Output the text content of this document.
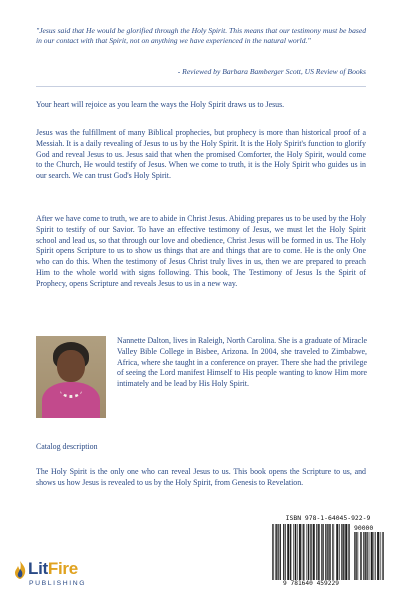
"Jesus said that He would be glorified through the Holy Spirit. This means that our testimony must be based in our contact with that Spirit, not on anything we have experienced in the natural world."

- Reviewed by Barbara Bamberger Scott, US Review of Books

Your heart will rejoice as you learn the ways the Holy Spirit draws us to Jesus.

Jesus was the fulfillment of many Biblical prophecies, but prophecy is more than historical proof of a Messiah. It is a daily revealing of Jesus to us by the Holy Spirit. It is the Holy Spirit's function to glorify God and reveal Jesus to us. Jesus said that when the promised Comforter, the Holy Spirit, would come to the Church, He would testify of Jesus. When we come to truth, it is the Holy Spirit who guides us in our search. We can trust God's Holy Spirit.

After we have come to truth, we are to abide in Christ Jesus. Abiding prepares us to be used by the Holy Spirit to testify of our Savior. To have an effective testimony of Jesus, we must let the Holy Spirit school and lead us, so that through our love and obedience, Christ Jesus will be formed in us. The Holy Spirit opens Scripture to us to show us things that are and things that are to come. He is the only One who can do this. When the testimony of Jesus Christ truly lives in us, then we are prepared to preach Him to the whole world with signs following. This book, The Testimony of Jesus Is the Spirit of Prophecy, opens Scripture and reveals Jesus to us in a new way.

Nannette Dalton, lives in Raleigh, North Carolina. She is a graduate of Miracle Valley Bible College in Bisbee, Arizona. In 2004, she traveled to Zimbabwe, Africa, where she taught in a conference on prayer. There she had the privilege of seeing the Lord manifest Himself to His people wanting to know Him more intimately and be lead by His Holy Spirit.

Catalog description

The Holy Spirit is the only one who can reveal Jesus to us. This book opens the Scripture to us, and shows us how Jesus is revealed to us by the Holy Spirit, from Genesis to Revelation.

ISBN 978-1-64045-922-9
90000
9 781640 459229
LitFire
PUBLISHING
